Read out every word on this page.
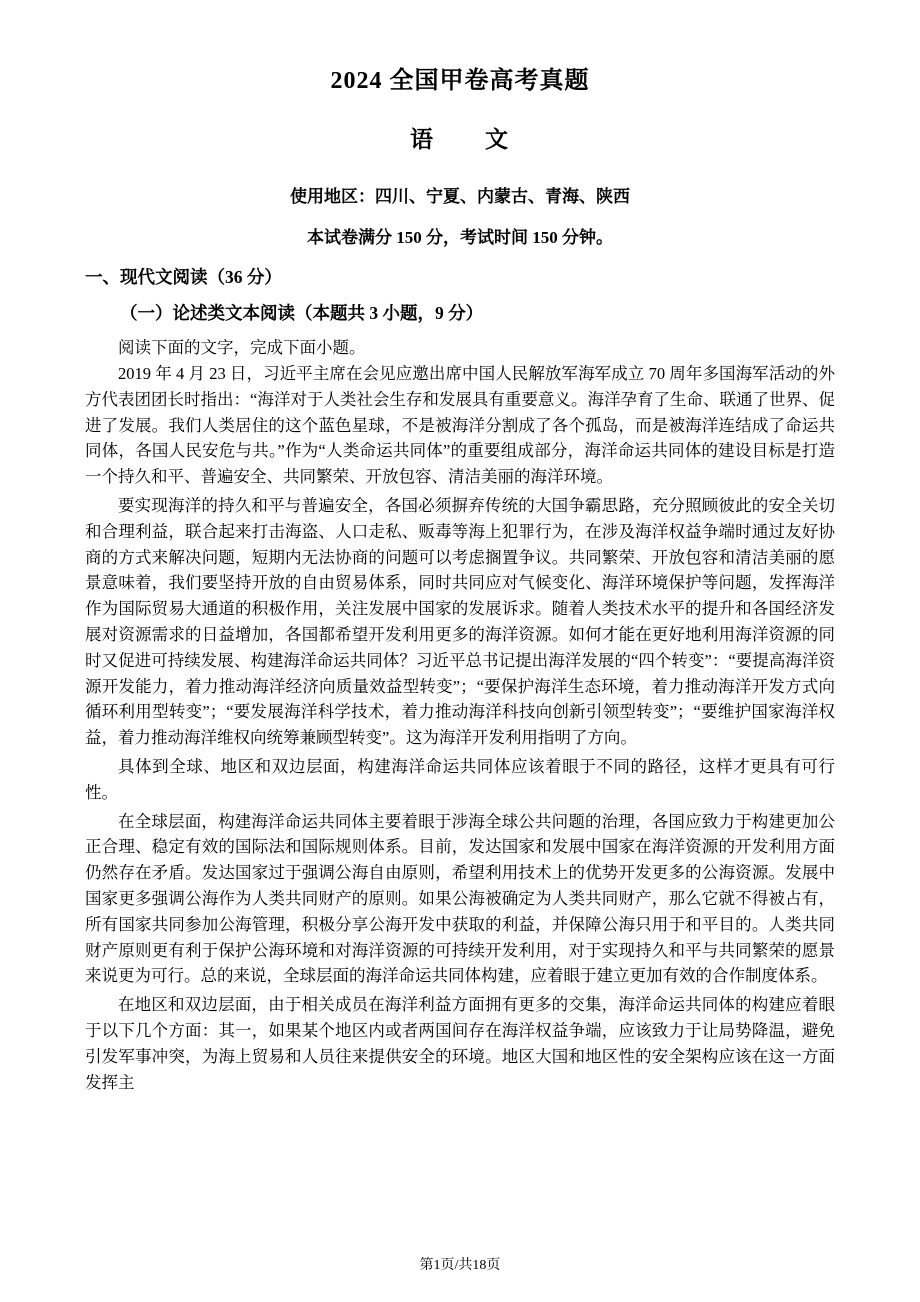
2024 全国甲卷高考真题
语　　文

使用地区：四川、宁夏、内蒙古、青海、陕西

本试卷满分 150 分，考试时间 150 分钟。

一、现代文阅读（36 分）

（一）论述类文本阅读（本题共 3 小题，9 分）

阅读下面的文字，完成下面小题。

2019 年 4 月 23 日，习近平主席在会见应邀出席中国人民解放军海军成立 70 周年多国海军活动的外方代表团团长时指出：“海洋对于人类社会生存和发展具有重要意义。海洋孕育了生命、联通了世界、促进了发展。我们人类居住的这个蓝色星球，不是被海洋分割成了各个孤岛，而是被海洋连结成了命运共同体，各国人民安危与共。”作为“人类命运共同体”的重要组成部分，海洋命运共同体的建设目标是打造一个持久和平、普遍安全、共同繁荣、开放包容、清洁美丽的海洋环境。

要实现海洋的持久和平与普遍安全，各国必须摒弃传统的大国争霸思路，充分照顾彼此的安全关切和合理利益，联合起来打击海盗、人口走私、贩毒等海上犯罪行为，在涉及海洋权益争端时通过友好协商的方式来解决问题，短期内无法协商的问题可以考虑搁置争议。共同繁荣、开放包容和清洁美丽的愿景意味着，我们要坚持开放的自由贸易体系，同时共同应对气候变化、海洋环境保护等问题，发挥海洋作为国际贸易大通道的积极作用，关注发展中国家的发展诉求。随着人类技术水平的提升和各国经济发展对资源需求的日益增加，各国都希望开发利用更多的海洋资源。如何才能在更好地利用海洋资源的同时又促进可持续发展、构建海洋命运共同体？习近平总书记提出海洋发展的“四个转变”：“要提高海洋资源开发能力，着力推动海洋经济向质量效益型转变”；“要保护海洋生态环境，着力推动海洋开发方式向循环利用型转变”；“要发展海洋科学技术，着力推动海洋科技向创新引领型转变”；“要维护国家海洋权益，着力推动海洋维权向统筹兼顾型转变”。这为海洋开发利用指明了方向。

具体到全球、地区和双边层面，构建海洋命运共同体应该着眼于不同的路径，这样才更具有可行性。

在全球层面，构建海洋命运共同体主要着眼于涉海全球公共问题的治理，各国应致力于构建更加公正合理、稳定有效的国际法和国际规则体系。目前，发达国家和发展中国家在海洋资源的开发利用方面仍然存在矛盾。发达国家过于强调公海自由原则，希望利用技术上的优势开发更多的公海资源。发展中国家更多强调公海作为人类共同财产的原则。如果公海被确定为人类共同财产，那么它就不得被占有，所有国家共同参加公海管理，积极分享公海开发中获取的利益，并保障公海只用于和平目的。人类共同财产原则更有利于保护公海环境和对海洋资源的可持续开发利用，对于实现持久和平与共同繁荣的愿景来说更为可行。总的来说，全球层面的海洋命运共同体构建，应着眼于建立更加有效的合作制度体系。

在地区和双边层面，由于相关成员在海洋利益方面拥有更多的交集，海洋命运共同体的构建应着眼于以下几个方面：其一，如果某个地区内或者两国间存在海洋权益争端，应该致力于让局势降温，避免引发军事冲突，为海上贸易和人员往来提供安全的环境。地区大国和地区性的安全架构应该在这一方面发挥主

第1页/共18页
